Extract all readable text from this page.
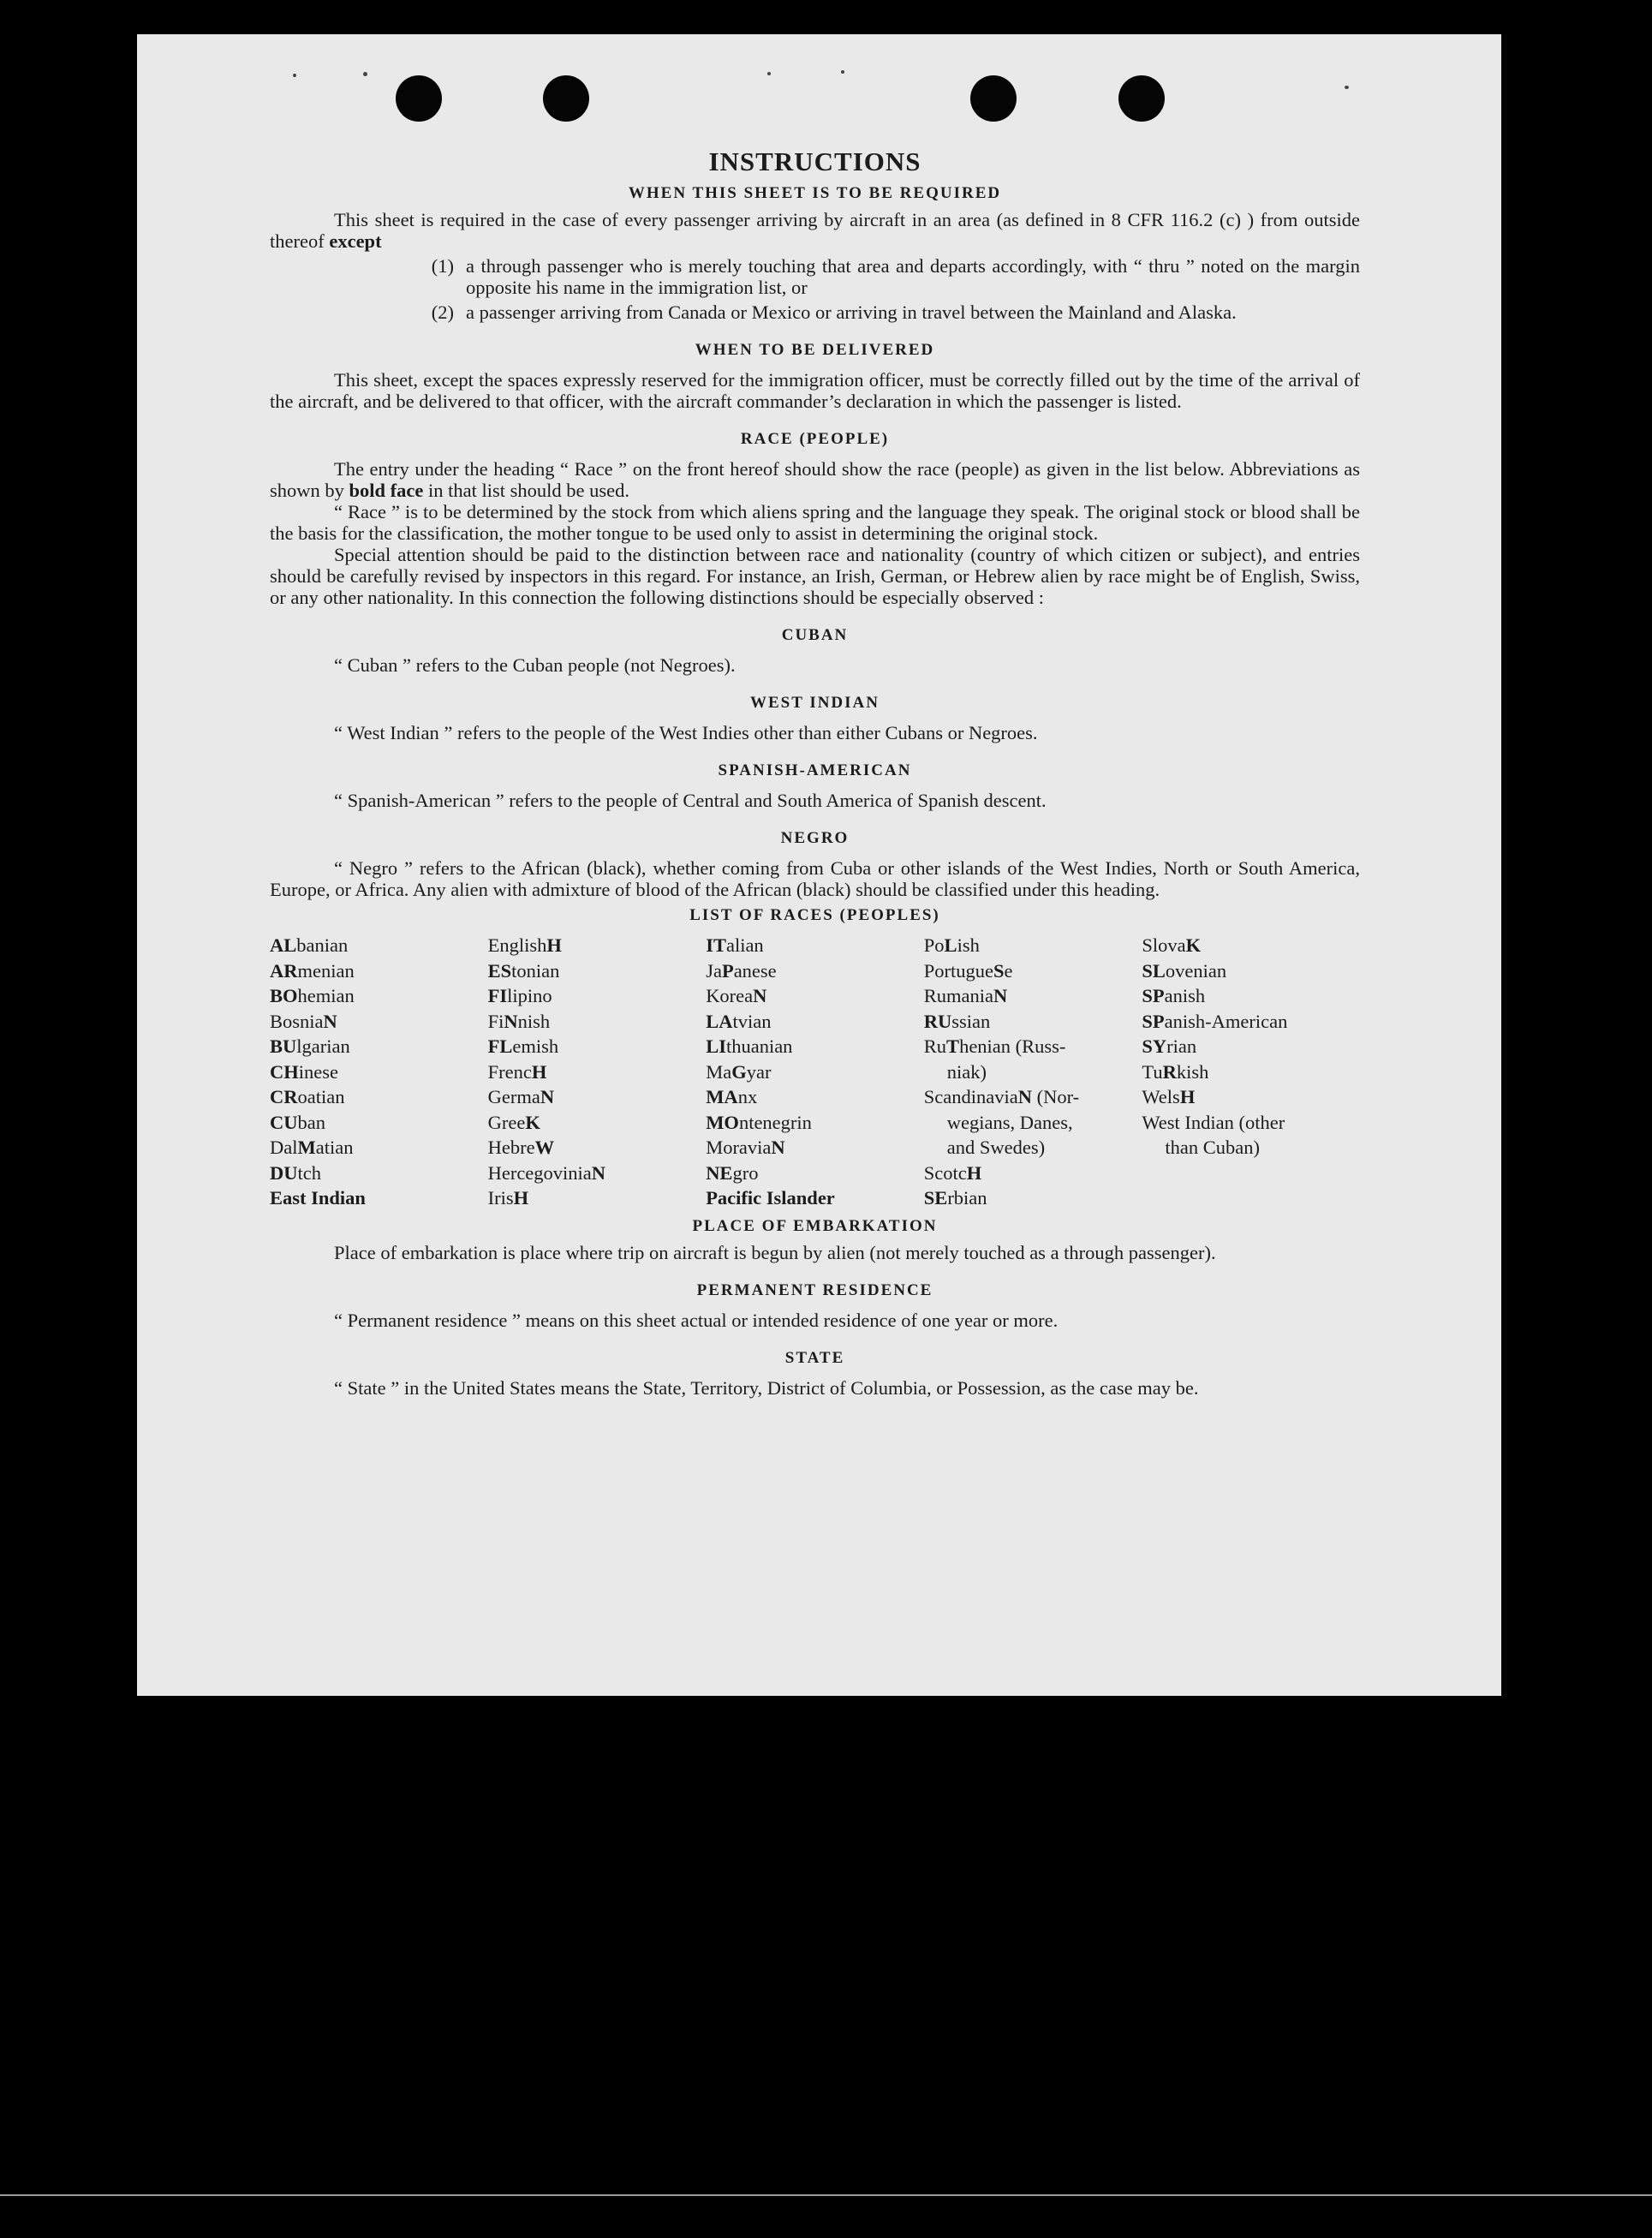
INSTRUCTIONS
WHEN THIS SHEET IS TO BE REQUIRED

This sheet is required in the case of every passenger arriving by aircraft in an area (as defined in 8 CFR 116.2 (c) ) from outside thereof except

(1) a through passenger who is merely touching that area and departs accordingly, with “ thru ” noted on the margin opposite his name in the immigration list, or
(2) a passenger arriving from Canada or Mexico or arriving in travel between the Mainland and Alaska.
WHEN TO BE DELIVERED

This sheet, except the spaces expressly reserved for the immigration officer, must be correctly filled out by the time of the arrival of the aircraft, and be delivered to that officer, with the aircraft commander’s declaration in which the passenger is listed.

RACE (PEOPLE)

The entry under the heading “ Race ” on the front hereof should show the race (people) as given in the list below. Abbreviations as shown by bold face in that list should be used.

“ Race ” is to be determined by the stock from which aliens spring and the language they speak. The original stock or blood shall be the basis for the classification, the mother tongue to be used only to assist in determining the original stock.

Special attention should be paid to the distinction between race and nationality (country of which citizen or subject), and entries should be carefully revised by inspectors in this regard. For instance, an Irish, German, or Hebrew alien by race might be of English, Swiss, or any other nationality. In this connection the following distinctions should be especially observed :

CUBAN

“ Cuban ” refers to the Cuban people (not Negroes).

WEST INDIAN

“ West Indian ” refers to the people of the West Indies other than either Cubans or Negroes.

SPANISH-AMERICAN

“ Spanish-American ” refers to the people of Central and South America of Spanish descent.

NEGRO

“ Negro ” refers to the African (black), whether coming from Cuba or other islands of the West Indies, North or South America, Europe, or Africa. Any alien with admixture of blood of the African (black) should be classified under this heading.

LIST OF RACES (PEOPLES)
ALbanian
ARmenian
BOhemian
BosniaN
BUlgarian
CHinese
CRoatian
CUban
DalMatian
DUtch
East Indian
EnglishH
EStonian
FIlipino
FiNnish
FLemish
FrencH
GermaN
GreeK
HebreW
HercegoviniaN
IrisH
ITalian
JaPanese
KoreaN
LAtvian
LIthuanian
MaGyar
MAnx
MOntenegrin
MoraviaN
NEgro
Pacific Islander
PoLish
PortugueSe
RumaniaN
RUssian
RuThenian (Russ-
niak)
ScandinaviaN (Nor-
wegians, Danes,
and Swedes)
ScotcH
SErbian
SlovaK
SLovenian
SPanish
SPanish-American
SYrian
TuRkish
WelsH
West Indian (other
than Cuban)
PLACE OF EMBARKATION

Place of embarkation is place where trip on aircraft is begun by alien (not merely touched as a through passenger).

PERMANENT RESIDENCE

“ Permanent residence ” means on this sheet actual or intended residence of one year or more.

STATE

“ State ” in the United States means the State, Territory, District of Columbia, or Possession, as the case may be.
